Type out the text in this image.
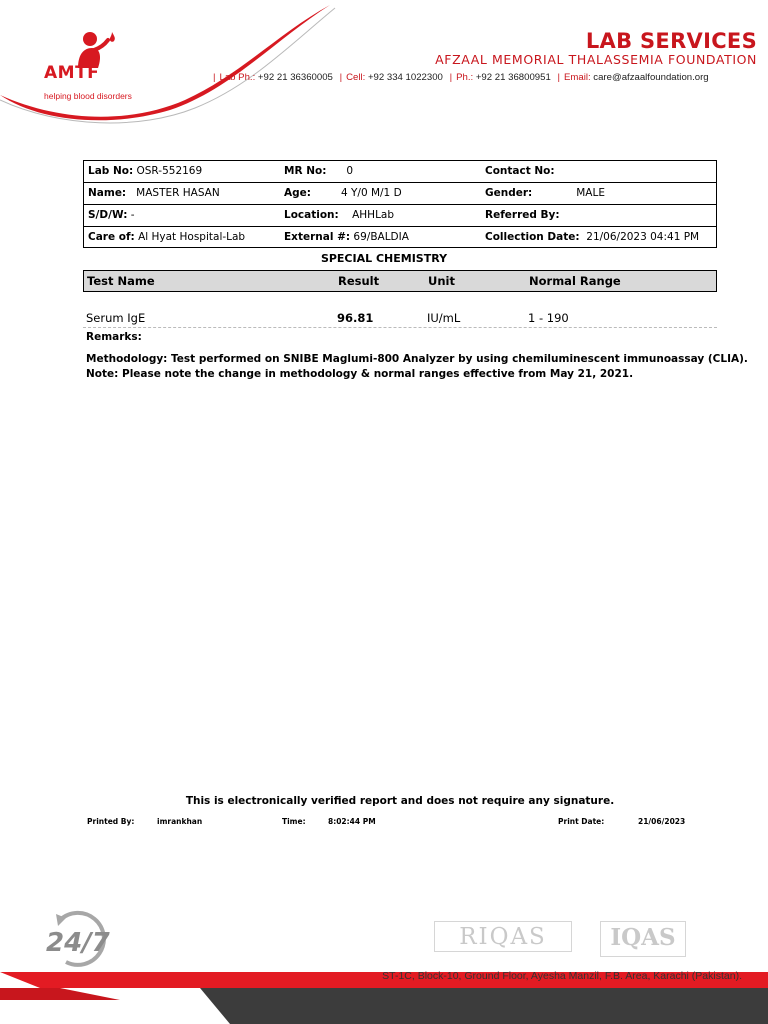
AMTF
helping blood disorders
LAB SERVICES
AFZAAL MEMORIAL THALASSEMIA FOUNDATION
| Lab Ph.: +92 21 36360005 | Cell: +92 334 1022300 | Ph.: +92 21 36800951 | Email: care@afzaalfoundation.org
Lab No: OSR-552169	MR No: 0	Contact No:
Name: MASTER HASAN	Age:	4 Y/0 M/1 D	Gender:	MALE
S/D/W: -	Location: AHHLab	Referred By:
Care of: Al Hyat Hospital-Lab	External #: 69/BALDIA	Collection Date: 21/06/2023 04:41 PM
SPECIAL CHEMISTRY
Test Name	Result	Unit	Normal Range
Serum IgE	96.81	IU/mL	1 - 190
Remarks:
Methodology: Test performed on SNIBE Maglumi-800 Analyzer by using chemiluminescent immunoassay (CLIA).
Note: Please note the change in methodology & normal ranges effective from May 21, 2021.
This is electronically verified report and does not require any signature.
Printed By:	imrankhan	Time:	8:02:44 PM	Print Date:	21/06/2023
24/7	RIQAS	IQAS
ST-1C, Block-10, Ground Floor, Ayesha Manzil, F.B. Area, Karachi (Pakistan).
